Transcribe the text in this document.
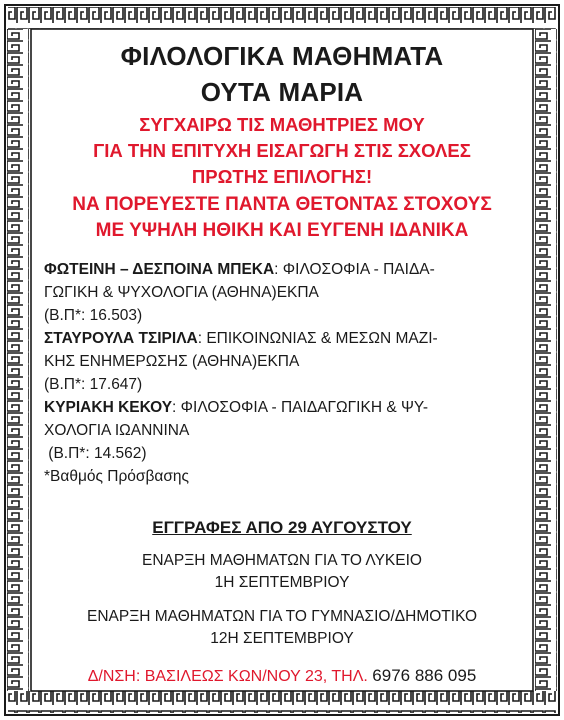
ΦΙΛΟΛΟΓΙΚΑ ΜΑΘΗΜΑΤΑ

ΟΥΤΑ ΜΑΡΙΑ

ΣΥΓΧΑΙΡΩ ΤΙΣ ΜΑΘΗΤΡΙΕΣ ΜΟΥ

ΓΙΑ ΤΗΝ ΕΠΙΤΥΧΗ ΕΙΣΑΓΩΓΗ ΣΤΙΣ ΣΧΟΛΕΣ

ΠΡΩΤΗΣ ΕΠΙΛΟΓΗΣ!

ΝΑ ΠΟΡΕΥΕΣΤΕ ΠΑΝΤΑ ΘΕΤΟΝΤΑΣ ΣΤΟΧΟΥΣ

ΜΕ ΥΨΗΛΗ ΗΘΙΚΗ ΚΑΙ ΕΥΓΕΝΗ ΙΔΑΝΙΚΑ

ΦΩΤΕΙΝΗ – ΔΕΣΠΟΙΝΑ ΜΠΕΚΑ: ΦΙΛΟΣΟΦΙΑ - ΠΑΙΔΑ-

ΓΩΓΙΚΗ & ΨΥΧΟΛΟΓΙΑ (ΑΘΗΝΑ)ΕΚΠΑ

(Β.Π*: 16.503)

ΣΤΑΥΡΟΥΛΑ ΤΣΙΡΙΛΑ: ΕΠΙΚΟΙΝΩΝΙΑΣ & ΜΕΣΩΝ ΜΑΖΙ-

ΚΗΣ ΕΝΗΜΕΡΩΣΗΣ (ΑΘΗΝΑ)ΕΚΠΑ

(Β.Π*: 17.647)

ΚΥΡΙΑΚΗ ΚΕΚΟΥ: ΦΙΛΟΣΟΦΙΑ - ΠΑΙΔΑΓΩΓΙΚΗ & ΨΥ-

ΧΟΛΟΓΙΑ ΙΩΑΝΝΙΝΑ

(Β.Π*: 14.562)

*Βαθμός Πρόσβασης

ΕΓΓΡΑΦΕΣ ΑΠΟ 29 ΑΥΓΟΥΣΤΟΥ

ΕΝΑΡΞΗ ΜΑΘΗΜΑΤΩΝ ΓΙΑ ΤΟ ΛΥΚΕΙΟ

1Η ΣΕΠΤΕΜΒΡΙΟΥ

ΕΝΑΡΞΗ ΜΑΘΗΜΑΤΩΝ ΓΙΑ ΤΟ ΓΥΜΝΑΣΙΟ/ΔΗΜΟΤΙΚΟ

12Η ΣΕΠΤΕΜΒΡΙΟΥ

Δ/ΝΣΗ: ΒΑΣΙΛΕΩΣ ΚΩΝ/ΝΟΥ 23, ΤΗΛ. 6976 886 095
